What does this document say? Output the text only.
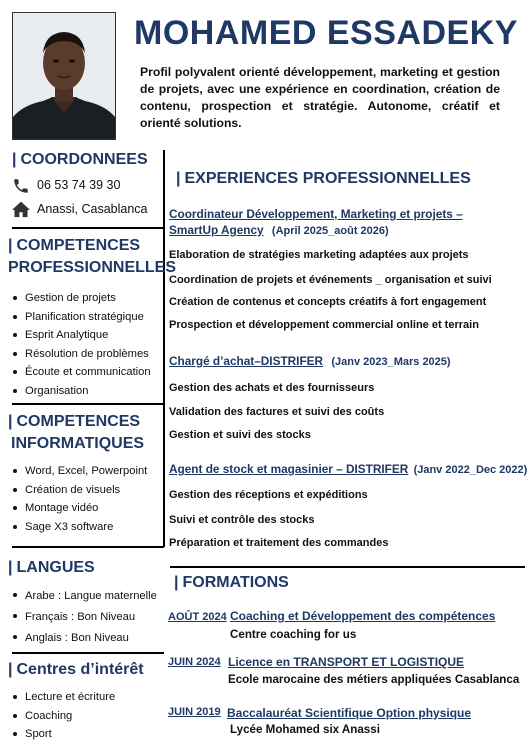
MOHAMED ESSADEKY
Profil polyvalent orienté développement, marketing et gestion de projets, avec une expérience en coordination, création de contenu, prospection et stratégie. Autonome, créatif et orienté solutions.
| COORDONNEES
06 53 74 39 30
Anassi, Casablanca
| COMPETENCES
PROFESSIONNELLES
Gestion de projets
Planification stratégique
Esprit Analytique
Résolution de problèmes
Écoute et communication
Organisation
| COMPETENCES
INFORMATIQUES
Word, Excel, Powerpoint
Création de visuels
Montage vidéo
Sage X3 software
| LANGUES
Arabe : Langue maternelle
Français : Bon Niveau
Anglais : Bon Niveau
| Centres d’intérêt
Lecture et écriture
Coaching
Sport
| EXPERIENCES PROFESSIONNELLES
Coordinateur Développement, Marketing et projets –
SmartUp Agency (April 2025_août 2026)
Elaboration de stratégies marketing adaptées aux projets
Coordination de projets et événements _ organisation et suivi
Création de contenus et concepts créatifs à fort engagement
Prospection et développement commercial online et terrain
Chargé d’achat–DISTRIFER (Janv 2023_Mars 2025)
Gestion des achats et des fournisseurs
Validation des factures et suivi des coûts
Gestion et suivi des stocks
Agent de stock et magasinier – DISTRIFER (Janv 2022_Dec 2022)
Gestion des réceptions et expéditions
Suivi et contrôle des stocks
Préparation et traitement des commandes
| FORMATIONS
AOÛT 2024 Coaching et Développement des compétences
Centre coaching for us
JUIN 2024 Licence en TRANSPORT ET LOGISTIQUE
Ecole marocaine des métiers appliquées Casablanca
JUIN 2019 Baccalauréat Scientifique Option physique
Lycée Mohamed six Anassi
